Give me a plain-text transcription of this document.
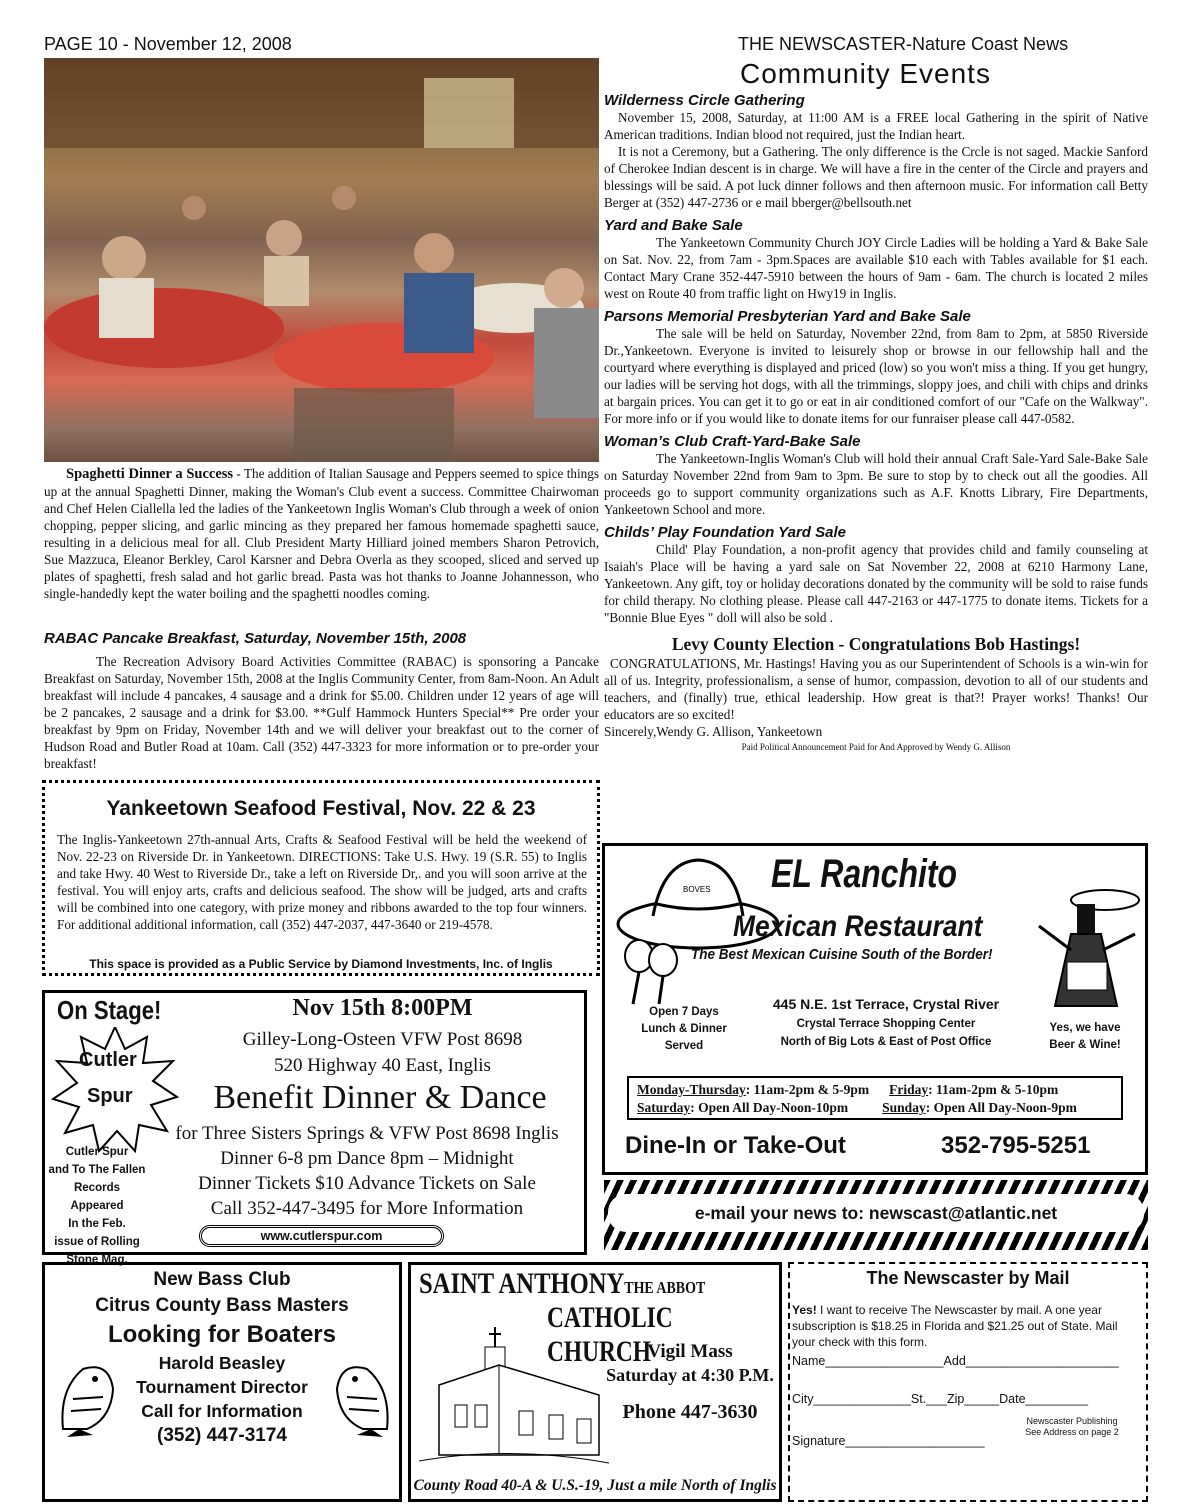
PAGE 10 - November 12, 2008	THE NEWSCASTER-Nature Coast News
Community Events
Spaghetti Dinner a Success - The addition of Italian Sausage and Peppers seemed to spice things up at the annual Spaghetti Dinner, making the Woman's Club event a success. Committee Chairwoman and Chef Helen Ciallella led the ladies of the Yankeetown Inglis Woman's Club through a week of onion chopping, pepper slicing, and garlic mincing as they prepared her famous homemade spaghetti sauce, resulting in a delicious meal for all. Club President Marty Hilliard joined members Sharon Petrovich, Sue Mazzuca, Eleanor Berkley, Carol Karsner and Debra Overla as they scooped, sliced and served up plates of spaghetti, fresh salad and hot garlic bread. Pasta was hot thanks to Joanne Johannesson, who single-handedly kept the water boiling and the spaghetti noodles coming.
RABAC Pancake Breakfast, Saturday, November 15th, 2008
The Recreation Advisory Board Activities Committee (RABAC) is sponsoring a Pancake Breakfast on Saturday, November 15th, 2008 at the Inglis Community Center, from 8am-Noon. An Adult breakfast will include 4 pancakes, 4 sausage and a drink for $5.00. Children under 12 years of age will be 2 pancakes, 2 sausage and a drink for $3.00. **Gulf Hammock Hunters Special** Pre order your breakfast by 9pm on Friday, November 14th and we will deliver your breakfast out to the corner of Hudson Road and Butler Road at 10am. Call (352) 447-3323 for more information or to pre-order your breakfast!
Yankeetown Seafood Festival, Nov. 22 & 23
The Inglis-Yankeetown 27th-annual Arts, Crafts & Seafood Festival will be held the weekend of Nov. 22-23 on Riverside Dr. in Yankeetown. DIRECTIONS: Take U.S. Hwy. 19 (S.R. 55) to Inglis and take Hwy. 40 West to Riverside Dr., take a left on Riverside Dr,. and you will soon arrive at the festival. You will enjoy arts, crafts and delicious seafood. The show will be judged, arts and crafts will be combined into one category, with prize money and ribbons awarded to the top four winners. For additional additional information, call (352) 447-2037, 447-3640 or 219-4578.
This space is provided as a Public Service by Diamond Investments, Inc. of Inglis
On Stage!
Cutler
Spur
Cutler Spur
and To The Fallen
Records Appeared
In the Feb.
issue of Rolling
Stone Mag.
Nov 15th 8:00PM
Gilley-Long-Osteen VFW Post 8698
520 Highway 40 East, Inglis
Benefit Dinner & Dance
for Three Sisters Springs & VFW Post 8698 Inglis
Dinner 6-8 pm Dance 8pm – Midnight
Dinner Tickets $10 Advance Tickets on Sale
Call 352-447-3495 for More Information
www.cutlerspur.com
Wilderness Circle Gathering
November 15, 2008, Saturday, at 11:00 AM is a FREE local Gathering in the spirit of Native American traditions. Indian blood not required, just the Indian heart.
It is not a Ceremony, but a Gathering. The only difference is the Crcle is not saged. Mackie Sanford of Cherokee Indian descent is in charge. We will have a fire in the center of the Circle and prayers and blessings will be said. A pot luck dinner follows and then afternoon music. For information call Betty Berger at (352) 447-2736 or e mail bberger@bellsouth.net
Yard and Bake Sale
The Yankeetown Community Church JOY Circle Ladies will be holding a Yard & Bake Sale on Sat. Nov. 22, from 7am - 3pm.Spaces are available $10 each with Tables available for $1 each. Contact Mary Crane 352-447-5910 between the hours of 9am - 6am. The church is located 2 miles west on Route 40 from traffic light on Hwy19 in Inglis.
Parsons Memorial Presbyterian Yard and Bake Sale
The sale will be held on Saturday, November 22nd, from 8am to 2pm, at 5850 Riverside Dr.,Yankeetown. Everyone is invited to leisurely shop or browse in our fellowship hall and the courtyard where everything is displayed and priced (low) so you won't miss a thing. If you get hungry, our ladies will be serving hot dogs, with all the trimmings, sloppy joes, and chili with chips and drinks at bargain prices. You can get it to go or eat in air conditioned comfort of our "Cafe on the Walkway". For more info or if you would like to donate items for our funraiser please call 447-0582.
Woman’s Club Craft-Yard-Bake Sale
The Yankeetown-Inglis Woman's Club will hold their annual Craft Sale-Yard Sale-Bake Sale on Saturday November 22nd from 9am to 3pm. Be sure to stop by to check out all the goodies. All proceeds go to support community organizations such as A.F. Knotts Library, Fire Departments, Yankeetown School and more.
Childs’ Play Foundation Yard Sale
Child' Play Foundation, a non-profit agency that provides child and family counseling at Isaiah's Place will be having a yard sale on Sat November 22, 2008 at 6210 Harmony Lane, Yankeetown. Any gift, toy or holiday decorations donated by the community will be sold to raise funds for child therapy. No clothing please. Please call 447-2163 or 447-1775 to donate items. Tickets for a "Bonnie Blue Eyes " doll will also be sold .
Levy County Election - Congratulations Bob Hastings!
CONGRATULATIONS, Mr. Hastings! Having you as our Superintendent of Schools is a win-win for all of us. Integrity, professionalism, a sense of humor, compassion, devotion to all of our students and teachers, and (finally) true, ethical leadership. How great is that?! Prayer works! Thanks! Our educators are so excited!
Sincerely,Wendy G. Allison, Yankeetown
Paid Political Announcement Paid for And Approved by Wendy G. Allison
BOVES EL Ranchito
Mexican Restaurant
The Best Mexican Cuisine South of the Border!
Open 7 Days
Lunch & Dinner
Served
445 N.E. 1st Terrace, Crystal River
Crystal Terrace Shopping Center
North of Big Lots & East of Post Office
Yes, we have
Beer & Wine!
Monday-Thursday: 11am-2pm & 5-9pm Friday: 11am-2pm & 5-10pm
Saturday: Open All Day-Noon-10pm	Sunday: Open All Day-Noon-9pm
Dine-In or Take-Out	352-795-5251
e-mail your news to: newscast@atlantic.net
New Bass Club
Citrus County Bass Masters
Looking for Boaters
Harold Beasley
Tournament Director
Call for Information
(352) 447-3174
SAINT ANTHONYTHE ABBOT
CATHOLIC CHURCH
Vigil Mass
Saturday at 4:30 P.M.
Phone 447-3630
County Road 40-A & U.S.-19, Just a mile North of Inglis
The Newscaster by Mail
Yes! I want to receive The Newscaster by mail. A one year subscription is $18.25 in Florida and $21.25 out of State. Mail your check with this form.
Name_________________Add______________________
City______________St.___Zip_____Date_________
Signature____________________
Newscaster Publishing
See Address on page 2
